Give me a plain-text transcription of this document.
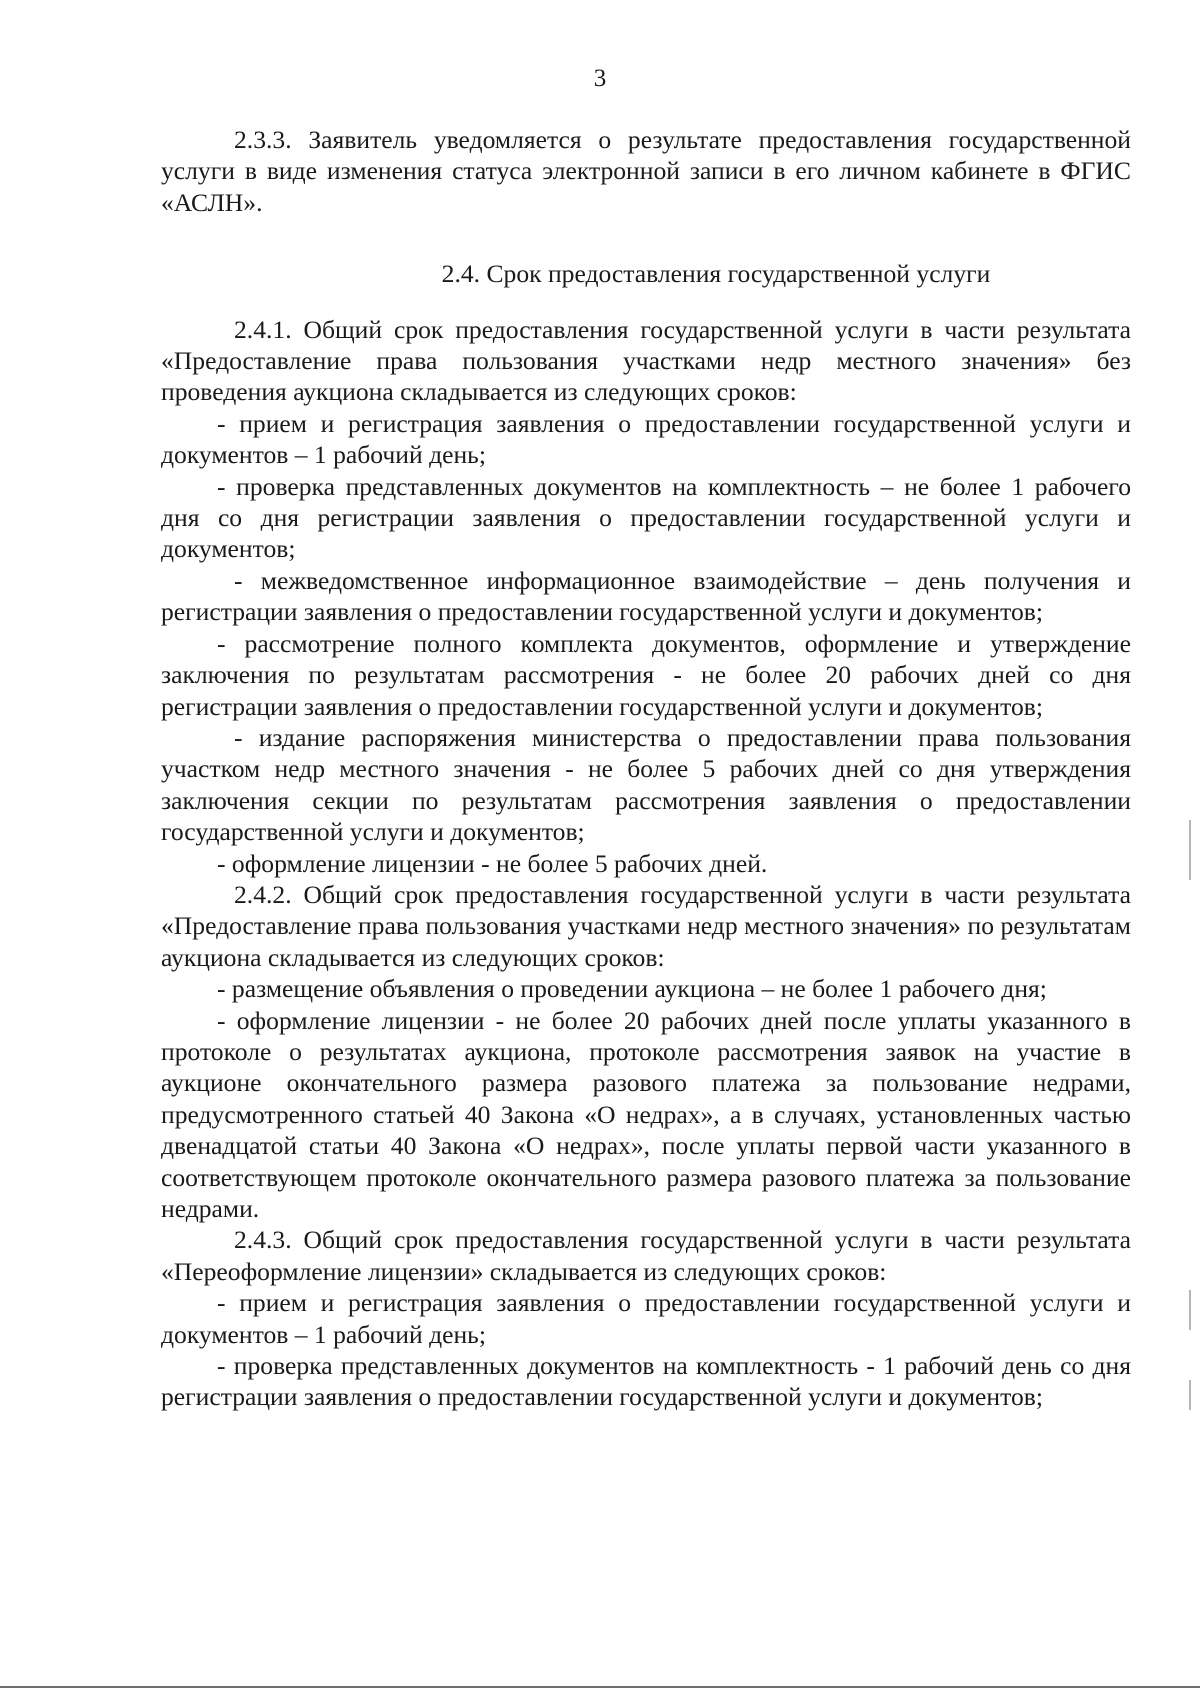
3

2.3.3. Заявитель уведомляется о результате предоставления государственной услуги в виде изменения статуса электронной записи в его личном кабинете в ФГИС «АСЛН».

2.4. Срок предоставления государственной услуги

2.4.1. Общий срок предоставления государственной услуги в части результата «Предоставление права пользования участками недр местного значения» без проведения аукциона складывается из следующих сроков:

- прием и регистрация заявления о предоставлении государственной услуги и документов – 1 рабочий день;

- проверка представленных документов на комплектность – не более 1 рабочего дня со дня регистрации заявления о предоставлении государственной услуги и документов;

- межведомственное информационное взаимодействие – день получения и регистрации заявления о предоставлении государственной услуги и документов;

- рассмотрение полного комплекта документов, оформление и утверждение заключения по результатам рассмотрения - не более 20 рабочих дней со дня регистрации заявления о предоставлении государственной услуги и документов;

- издание распоряжения министерства о предоставлении права пользования участком недр местного значения - не более 5 рабочих дней со дня утверждения заключения секции по результатам рассмотрения заявления о предоставлении государственной услуги и документов;

- оформление лицензии - не более 5 рабочих дней.

2.4.2. Общий срок предоставления государственной услуги в части результата «Предоставление права пользования участками недр местного значения» по результатам аукциона складывается из следующих сроков:

- размещение объявления о проведении аукциона – не более 1 рабочего дня;

- оформление лицензии - не более 20 рабочих дней после уплаты указанного в протоколе о результатах аукциона, протоколе рассмотрения заявок на участие в аукционе окончательного размера разового платежа за пользование недрами, предусмотренного статьей 40 Закона «О недрах», а в случаях, установленных частью двенадцатой статьи 40 Закона «О недрах», после уплаты первой части указанного в соответствующем протоколе окончательного размера разового платежа за пользование недрами.

2.4.3. Общий срок предоставления государственной услуги в части результата «Переоформление лицензии» складывается из следующих сроков:

- прием и регистрация заявления о предоставлении государственной услуги и документов – 1 рабочий день;

- проверка представленных документов на комплектность - 1 рабочий день со дня регистрации заявления о предоставлении государственной услуги и документов;
